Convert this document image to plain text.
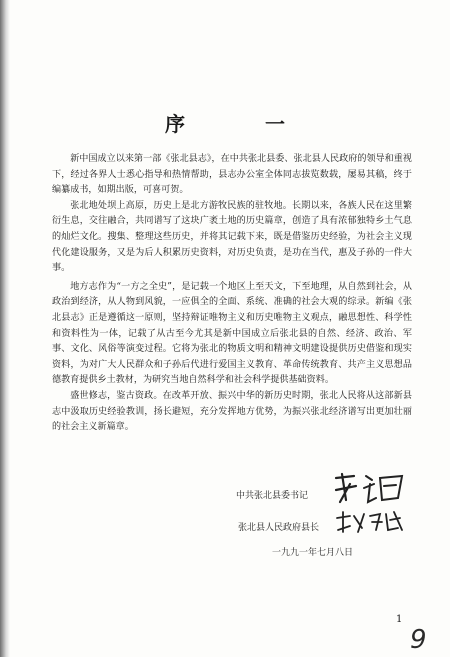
序　一

新中国成立以来第一部《张北县志》，在中共张北县委、张北县人民政府的领导和重视下，经过各界人士悉心指导和热情帮助，县志办公室全体同志拔览数载，屡易其稿，终于编纂成书，如期出版，可喜可贺。

张北地处坝上高原，历史上是北方游牧民族的驻牧地。长期以来，各族人民在这里繁衍生息，交往融合，共同谱写了这块广袤土地的历史篇章，创造了具有浓郁独特乡土气息的灿烂文化。搜集、整理这些历史，并将其记载下来，既是借鉴历史经验，为社会主义现代化建设服务，又是为后人积累历史资料，对历史负责，是功在当代，惠及子孙的一件大事。

地方志作为“一方之全史”，是记载一个地区上至天文，下至地理，从自然到社会，从政治到经济，从人物到风貌，一应俱全的全面、系统、准确的社会大观的综录。新编《张北县志》正是遵循这一原则，坚持辩证唯物主义和历史唯物主义观点，融思想性、科学性和资料性为一体，记载了从古至今尤其是新中国成立后张北县的自然、经济、政治、军事、文化、风俗等演变过程。它将为张北的物质文明和精神文明建设提供历史借鉴和现实资料，为对广大人民群众和子孙后代进行爱国主义教育、革命传统教育、共产主义思想品德教育提供乡土教材，为研究当地自然科学和社会科学提供基础资料。

盛世修志，鉴古资政。在改革开放、振兴中华的新历史时期，张北人民将从这部新县志中汲取历史经验教训，扬长避短，充分发挥地方优势，为振兴张北经济谱写出更加壮丽的社会主义新篇章。

中共张北县委书记
张北县人民政府县长
一九九一年七月八日
1
9
